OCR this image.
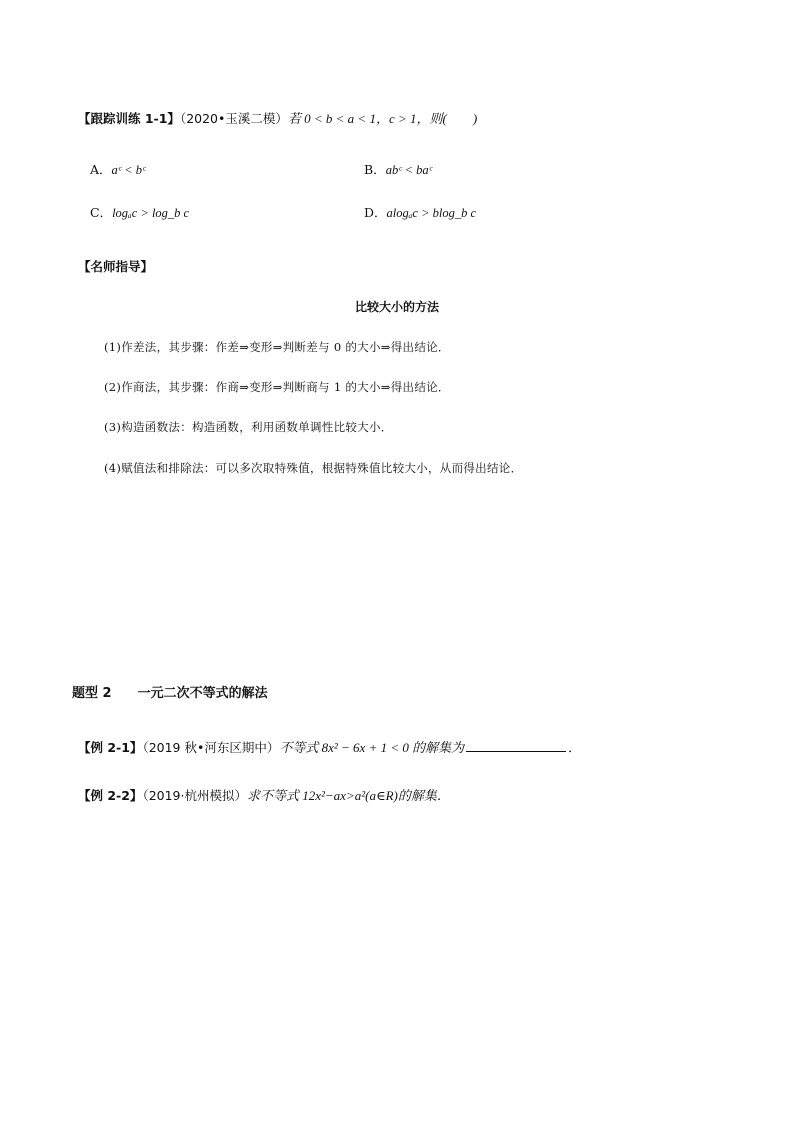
【跟踪训练 1-1】（2020•玉溪二模）若 0 < b < a < 1，c > 1，则(　　)
A．aᶜ < bᶜ	B．abᶜ < baᶜ
C．logₐc > log_b c	D．alogₐc > blog_b c
【名师指导】
比较大小的方法
(1)作差法，其步骤：作差⇒变形⇒判断差与 0 的大小⇒得出结论．
(2)作商法，其步骤：作商⇒变形⇒判断商与 1 的大小⇒得出结论．
(3)构造函数法：构造函数，利用函数单调性比较大小．
(4)赋值法和排除法：可以多次取特殊值，根据特殊值比较大小，从而得出结论．
题型 2 一元二次不等式的解法
【例 2-1】（2019 秋•河东区期中）不等式 8x² − 6x + 1 < 0 的解集为	．
【例 2-2】（2019·杭州模拟）求不等式 12x²−ax>a²(a∈R)的解集．
